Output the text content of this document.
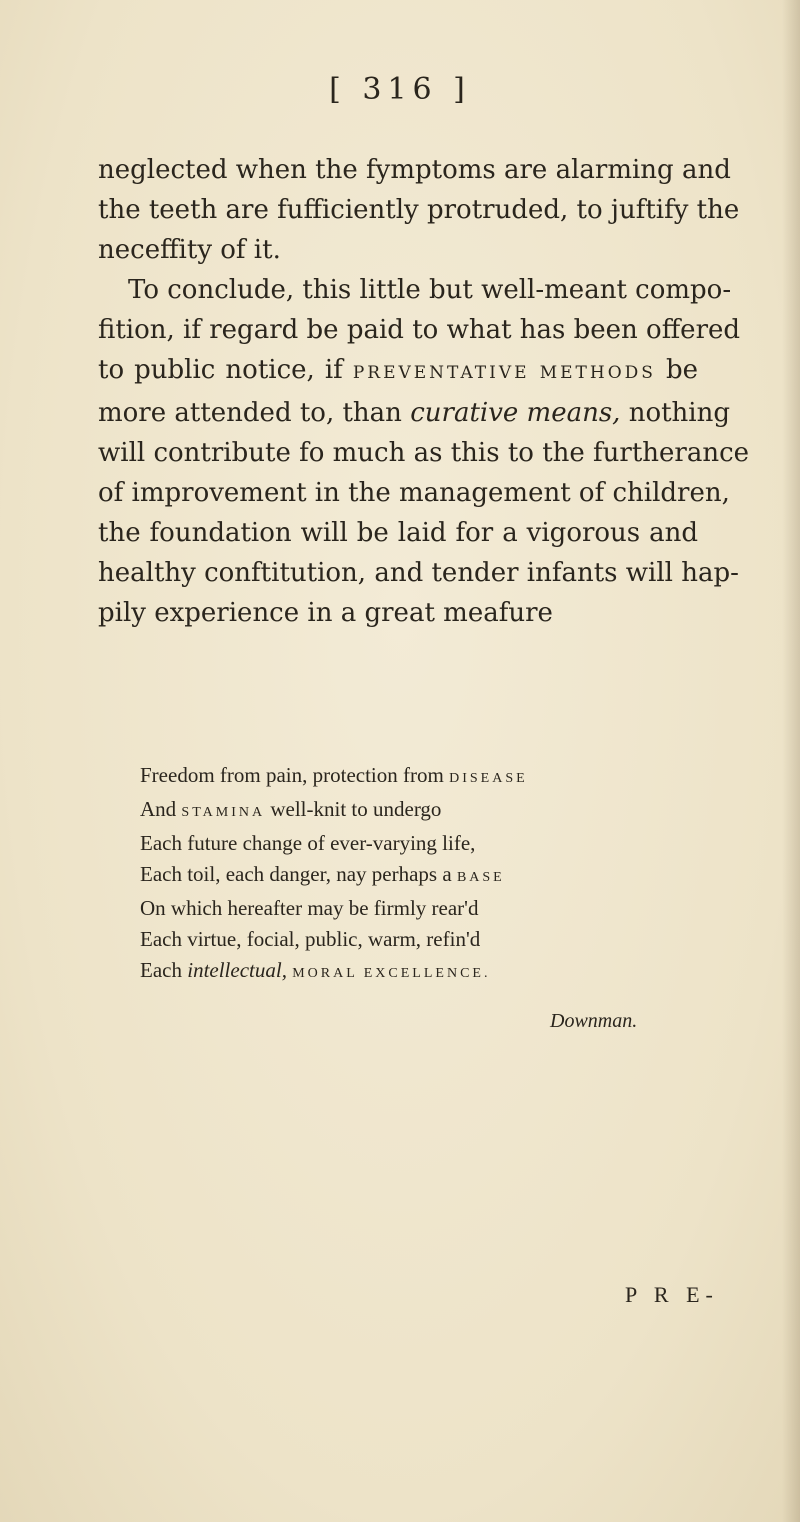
[ 316 ]
neglected when the fymptoms are alarming and
the teeth are fufficiently protruded, to juftify the
neceffity of it.
To conclude, this little but well-meant compo-
fition, if regard be paid to what has been offered
to public notice, if PREVENTATIVE METHODS be
more attended to, than curative means, nothing
will contribute fo much as this to the furtherance
of improvement in the management of children,
the foundation will be laid for a vigorous and
healthy conftitution, and tender infants will hap-
pily experience in a great meafure
Freedom from pain, protection from DISEASE
And STAMINA well-knit to undergo
Each future change of ever-varying life,
Each toil, each danger, nay perhaps a BASE
On which hereafter may be firmly rear'd
Each virtue, focial, public, warm, refin'd
Each intellectual, MORAL EXCELLENCE.
Downman.
P R E-
